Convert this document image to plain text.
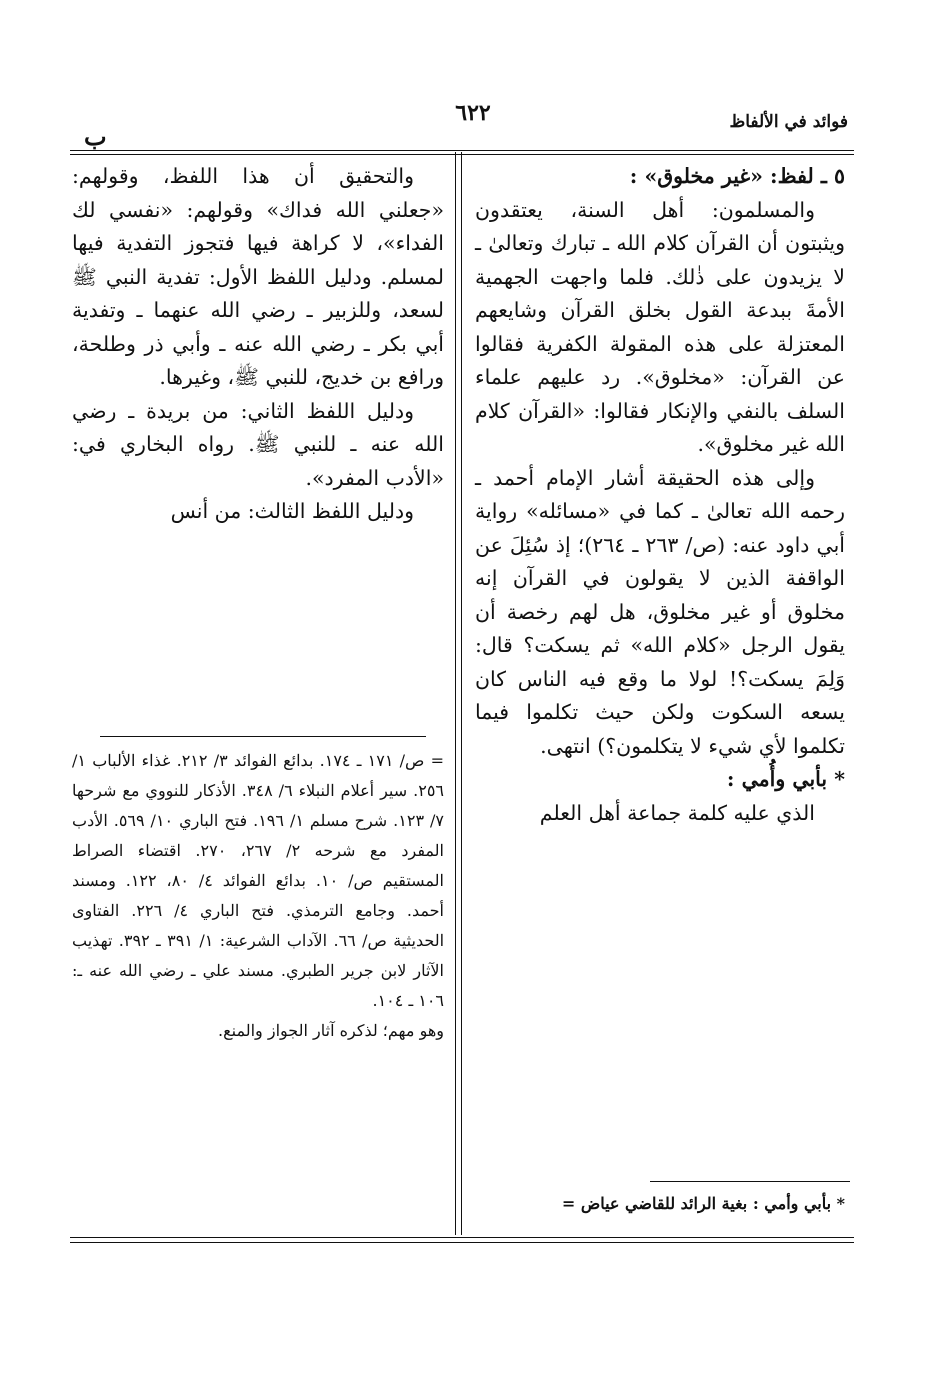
فوائد في الألفاظ
٦٢٢
ب

٥ ـ لفظ: «غير مخلوق» :

والمسلمون: أهل السنة، يعتقدون ويثبتون أن القرآن كلام الله ـ تبارك وتعالىٰ ـ لا يزيدون على ذٰلك. فلما واجهت الجهمية الأمةَ ببدعة القول بخلق القرآن وشايعهم المعتزلة على هذه المقولة الكفرية فقالوا عن القرآن: «مخلوق». رد عليهم علماء السلف بالنفي والإنكار فقالوا: «القرآن كلام الله غير مخلوق».

وإلى هذه الحقيقة أشار الإمام أحمد ـ رحمه الله تعالىٰ ـ كما في «مسائله» رواية أبي داود عنه: (ص/ ٢٦٣ ـ ٢٦٤)؛ إذ سُئِلَ عن الواقفة الذين لا يقولون في القرآن إنه مخلوق أو غير مخلوق، هل لهم رخصة أن يقول الرجل «كلام الله» ثم يسكت؟ قال: وَلِمَ يسكت؟! لولا ما وقع فيه الناس كان يسعه السكوت ولكن حيث تكلموا فيما تكلموا لأي شيء لا يتكلمون؟) انتهى.

* بأبي وأُمي :

الذي عليه كلمة جماعة أهل العلم

والتحقيق أن هذا اللفظ، وقولهم: «جعلني الله فداك» وقولهم: «نفسي لك الفداء»، لا كراهة فيها فتجوز التفدية فيها لمسلم. ودليل اللفظ الأول: تفدية النبي ﷺ لسعد، وللزبير ـ رضي الله عنهما ـ وتفدية أبي بكر ـ رضي الله عنه ـ وأبي ذر وطلحة، ورافع بن خديج، للنبي ﷺ، وغيرها.

ودليل اللفظ الثاني: من بريدة ـ رضي الله عنه ـ للنبي ﷺ. رواه البخاري في: «الأدب المفرد».

ودليل اللفظ الثالث: من أنس

= ص/ ١٧١ ـ ١٧٤. بدائع الفوائد ٣/ ٢١٢. غذاء الألباب ١/ ٢٥٦. سير أعلام النبلاء ٦/ ٣٤٨. الأذكار للنووي مع شرحها ٧/ ١٢٣. شرح مسلم ١/ ١٩٦. فتح الباري ١٠/ ٥٦٩. الأدب المفرد مع شرحه ٢/ ٢٦٧، ٢٧٠. اقتضاء الصراط المستقيم ص/ ١٠. بدائع الفوائد ٤/ ٨٠، ١٢٢. ومسند أحمد. وجامع الترمذي. فتح الباري ٤/ ٢٢٦. الفتاوى الحديثية ص/ ٦٦. الآداب الشرعية: ١/ ٣٩١ ـ ٣٩٢. تهذيب الآثار لابن جرير الطبري. مسند علي ـ رضي الله عنه ـ: ١٠٦ ـ ١٠٤.

وهو مهم؛ لذكره آثار الجواز والمنع.

* بأبي وأمي : بغية الرائد للقاضي عياض =
